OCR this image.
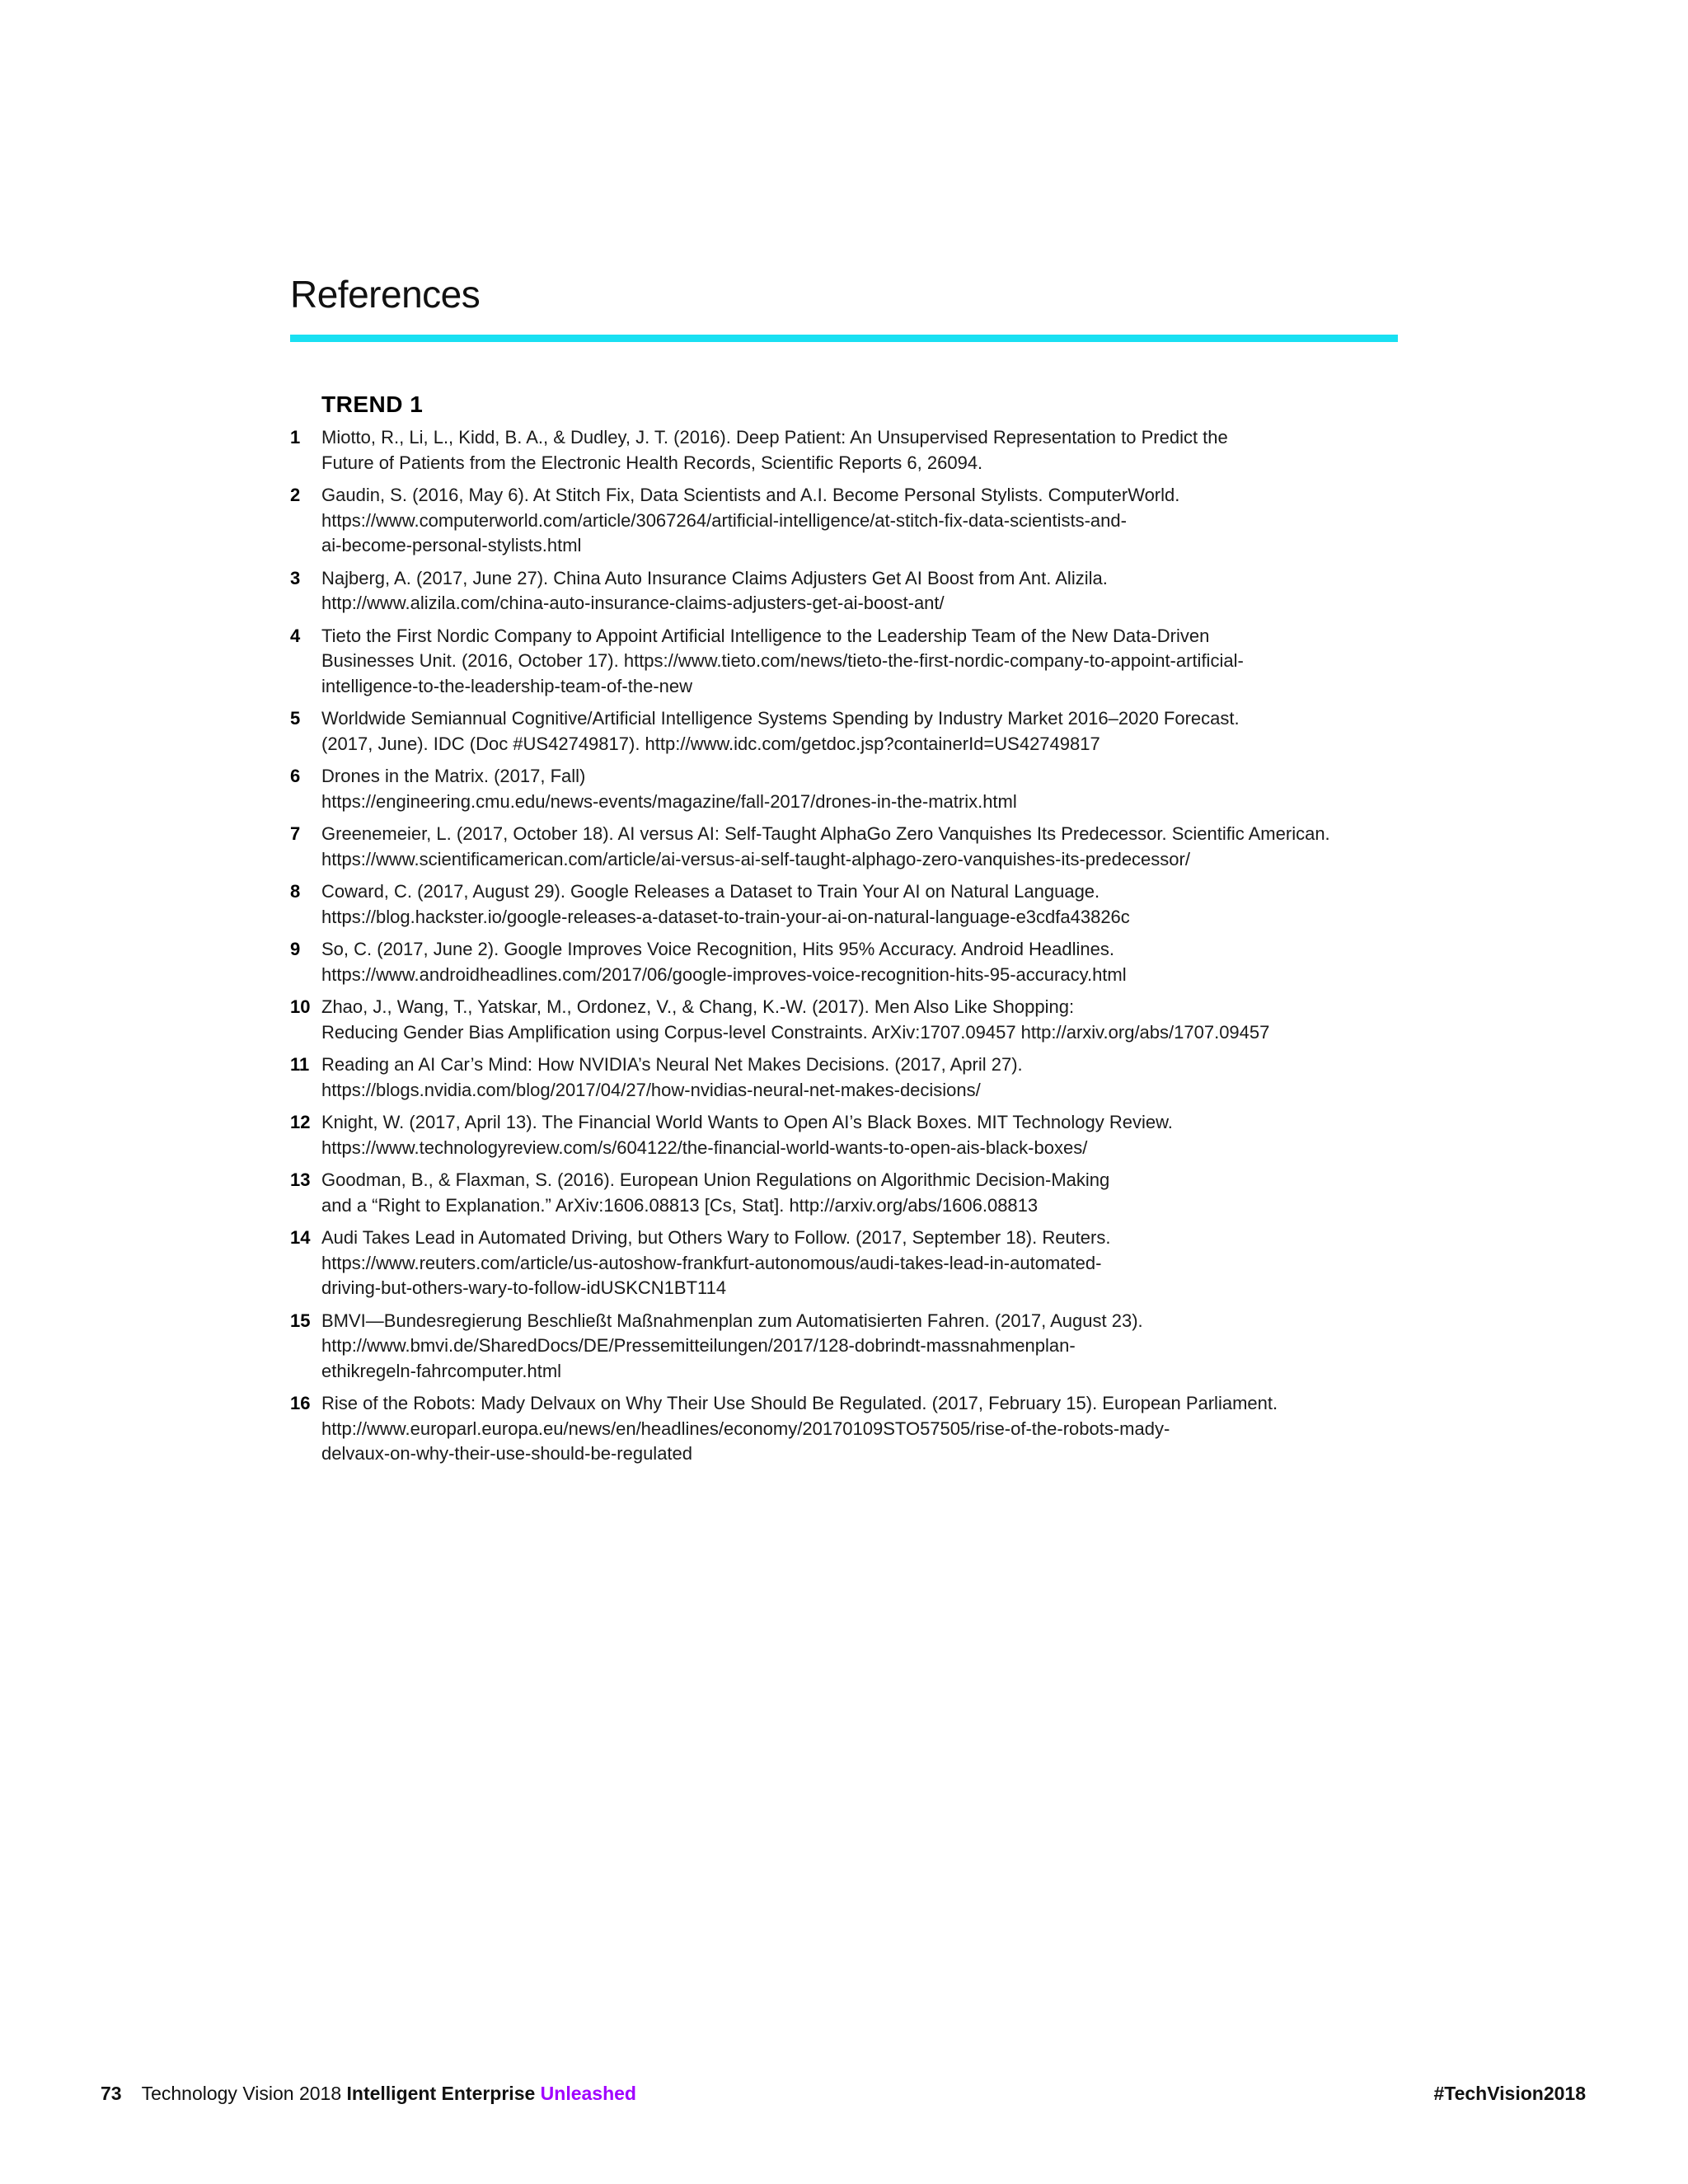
References
TREND 1
1	Miotto, R., Li, L., Kidd, B. A., & Dudley, J. T. (2016). Deep Patient: An Unsupervised Representation to Predict the
Future of Patients from the Electronic Health Records, Scientific Reports 6, 26094.
2	Gaudin, S. (2016, May 6). At Stitch Fix, Data Scientists and A.I. Become Personal Stylists. ComputerWorld.
https://www.computerworld.com/article/3067264/artificial-intelligence/at-stitch-fix-data-scientists-and-
ai-become-personal-stylists.html
3	Najberg, A. (2017, June 27). China Auto Insurance Claims Adjusters Get AI Boost from Ant. Alizila.
http://www.alizila.com/china-auto-insurance-claims-adjusters-get-ai-boost-ant/
4	Tieto the First Nordic Company to Appoint Artificial Intelligence to the Leadership Team of the New Data-Driven
Businesses Unit. (2016, October 17). https://www.tieto.com/news/tieto-the-first-nordic-company-to-appoint-artificial-
intelligence-to-the-leadership-team-of-the-new
5	Worldwide Semiannual Cognitive/Artificial Intelligence Systems Spending by Industry Market 2016–2020 Forecast.
(2017, June). IDC (Doc #US42749817). http://www.idc.com/getdoc.jsp?containerId=US42749817
6	Drones in the Matrix. (2017, Fall)
https://engineering.cmu.edu/news-events/magazine/fall-2017/drones-in-the-matrix.html
7	Greenemeier, L. (2017, October 18). AI versus AI: Self-Taught AlphaGo Zero Vanquishes Its Predecessor. Scientific American.
https://www.scientificamerican.com/article/ai-versus-ai-self-taught-alphago-zero-vanquishes-its-predecessor/
8	Coward, C. (2017, August 29). Google Releases a Dataset to Train Your AI on Natural Language.
https://blog.hackster.io/google-releases-a-dataset-to-train-your-ai-on-natural-language-e3cdfa43826c
9	So, C. (2017, June 2). Google Improves Voice Recognition, Hits 95% Accuracy. Android Headlines.
https://www.androidheadlines.com/2017/06/google-improves-voice-recognition-hits-95-accuracy.html
10 Zhao, J., Wang, T., Yatskar, M., Ordonez, V., & Chang, K.-W. (2017). Men Also Like Shopping:
Reducing Gender Bias Amplification using Corpus-level Constraints. ArXiv:1707.09457 http://arxiv.org/abs/1707.09457
11 Reading an AI Car’s Mind: How NVIDIA’s Neural Net Makes Decisions. (2017, April 27).
https://blogs.nvidia.com/blog/2017/04/27/how-nvidias-neural-net-makes-decisions/
12 Knight, W. (2017, April 13). The Financial World Wants to Open AI’s Black Boxes. MIT Technology Review.
https://www.technologyreview.com/s/604122/the-financial-world-wants-to-open-ais-black-boxes/
13 Goodman, B., & Flaxman, S. (2016). European Union Regulations on Algorithmic Decision-Making
and a “Right to Explanation.” ArXiv:1606.08813 [Cs, Stat]. http://arxiv.org/abs/1606.08813
14 Audi Takes Lead in Automated Driving, but Others Wary to Follow. (2017, September 18). Reuters.
https://www.reuters.com/article/us-autoshow-frankfurt-autonomous/audi-takes-lead-in-automated-
driving-but-others-wary-to-follow-idUSKCN1BT114
15 BMVI—Bundesregierung Beschließt Maßnahmenplan zum Automatisierten Fahren. (2017, August 23).
http://www.bmvi.de/SharedDocs/DE/Pressemitteilungen/2017/128-dobrindt-massnahmenplan-
ethikregeln-fahrcomputer.html
16 Rise of the Robots: Mady Delvaux on Why Their Use Should Be Regulated. (2017, February 15). European Parliament.
http://www.europarl.europa.eu/news/en/headlines/economy/20170109STO57505/rise-of-the-robots-mady-
delvaux-on-why-their-use-should-be-regulated
73 Technology Vision 2018 Intelligent Enterprise Unleashed	#TechVision2018
